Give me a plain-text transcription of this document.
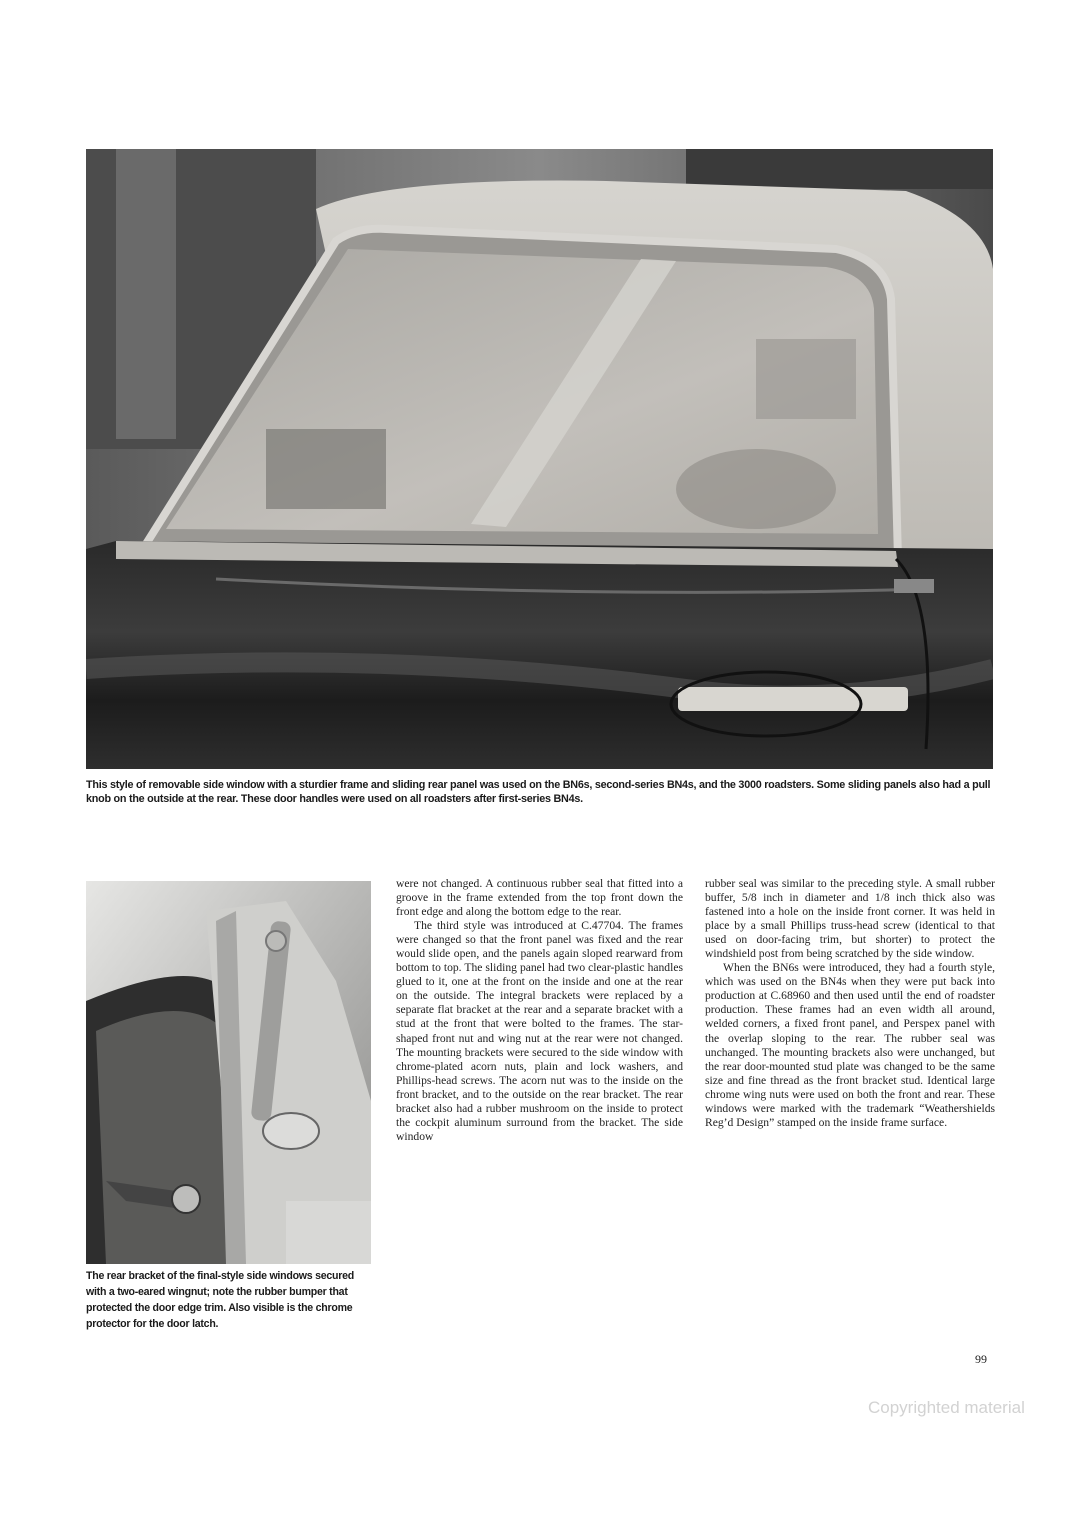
This style of removable side window with a sturdier frame and sliding rear panel was used on the BN6s, second-series BN4s, and the 3000 roadsters. Some sliding panels also had a pull knob on the outside at the rear. These door handles were used on all roadsters after first-series BN4s.
The rear bracket of the final-style side windows secured with a two-eared wingnut; note the rubber bumper that protected the door edge trim. Also visible is the chrome protector for the door latch.

were not changed. A continuous rubber seal that fitted into a groove in the frame extended from the top front down the front edge and along the bottom edge to the rear.

The third style was introduced at C.47704. The frames were changed so that the front panel was fixed and the rear would slide open, and the panels again sloped rearward from bottom to top. The sliding panel had two clear-plastic handles glued to it, one at the front on the inside and one at the rear on the outside. The integral brackets were replaced by a separate flat bracket at the rear and a separate bracket with a stud at the front that were bolted to the frames. The star-shaped front nut and wing nut at the rear were not changed. The mounting brackets were secured to the side window with chrome-plated acorn nuts, plain and lock washers, and Phillips-head screws. The acorn nut was to the inside on the front bracket, and to the outside on the rear bracket. The rear bracket also had a rubber mushroom on the inside to protect the cockpit aluminum surround from the bracket. The side window

rubber seal was similar to the preceding style. A small rubber buffer, 5/8 inch in diameter and 1/8 inch thick also was fastened into a hole on the inside front corner. It was held in place by a small Phillips truss-head screw (identical to that used on door-facing trim, but shorter) to protect the windshield post from being scratched by the side window.

When the BN6s were introduced, they had a fourth style, which was used on the BN4s when they were put back into production at C.68960 and then used until the end of roadster production. These frames had an even width all around, welded corners, a fixed front panel, and Perspex panel with the overlap sloping to the rear. The rubber seal was unchanged. The mounting brackets also were unchanged, but the rear door-mounted stud plate was changed to be the same size and fine thread as the front bracket stud. Identical large chrome wing nuts were used on both the front and rear. These windows were marked with the trademark “Weathershields Reg’d Design” stamped on the inside frame surface.

99
Copyrighted material
